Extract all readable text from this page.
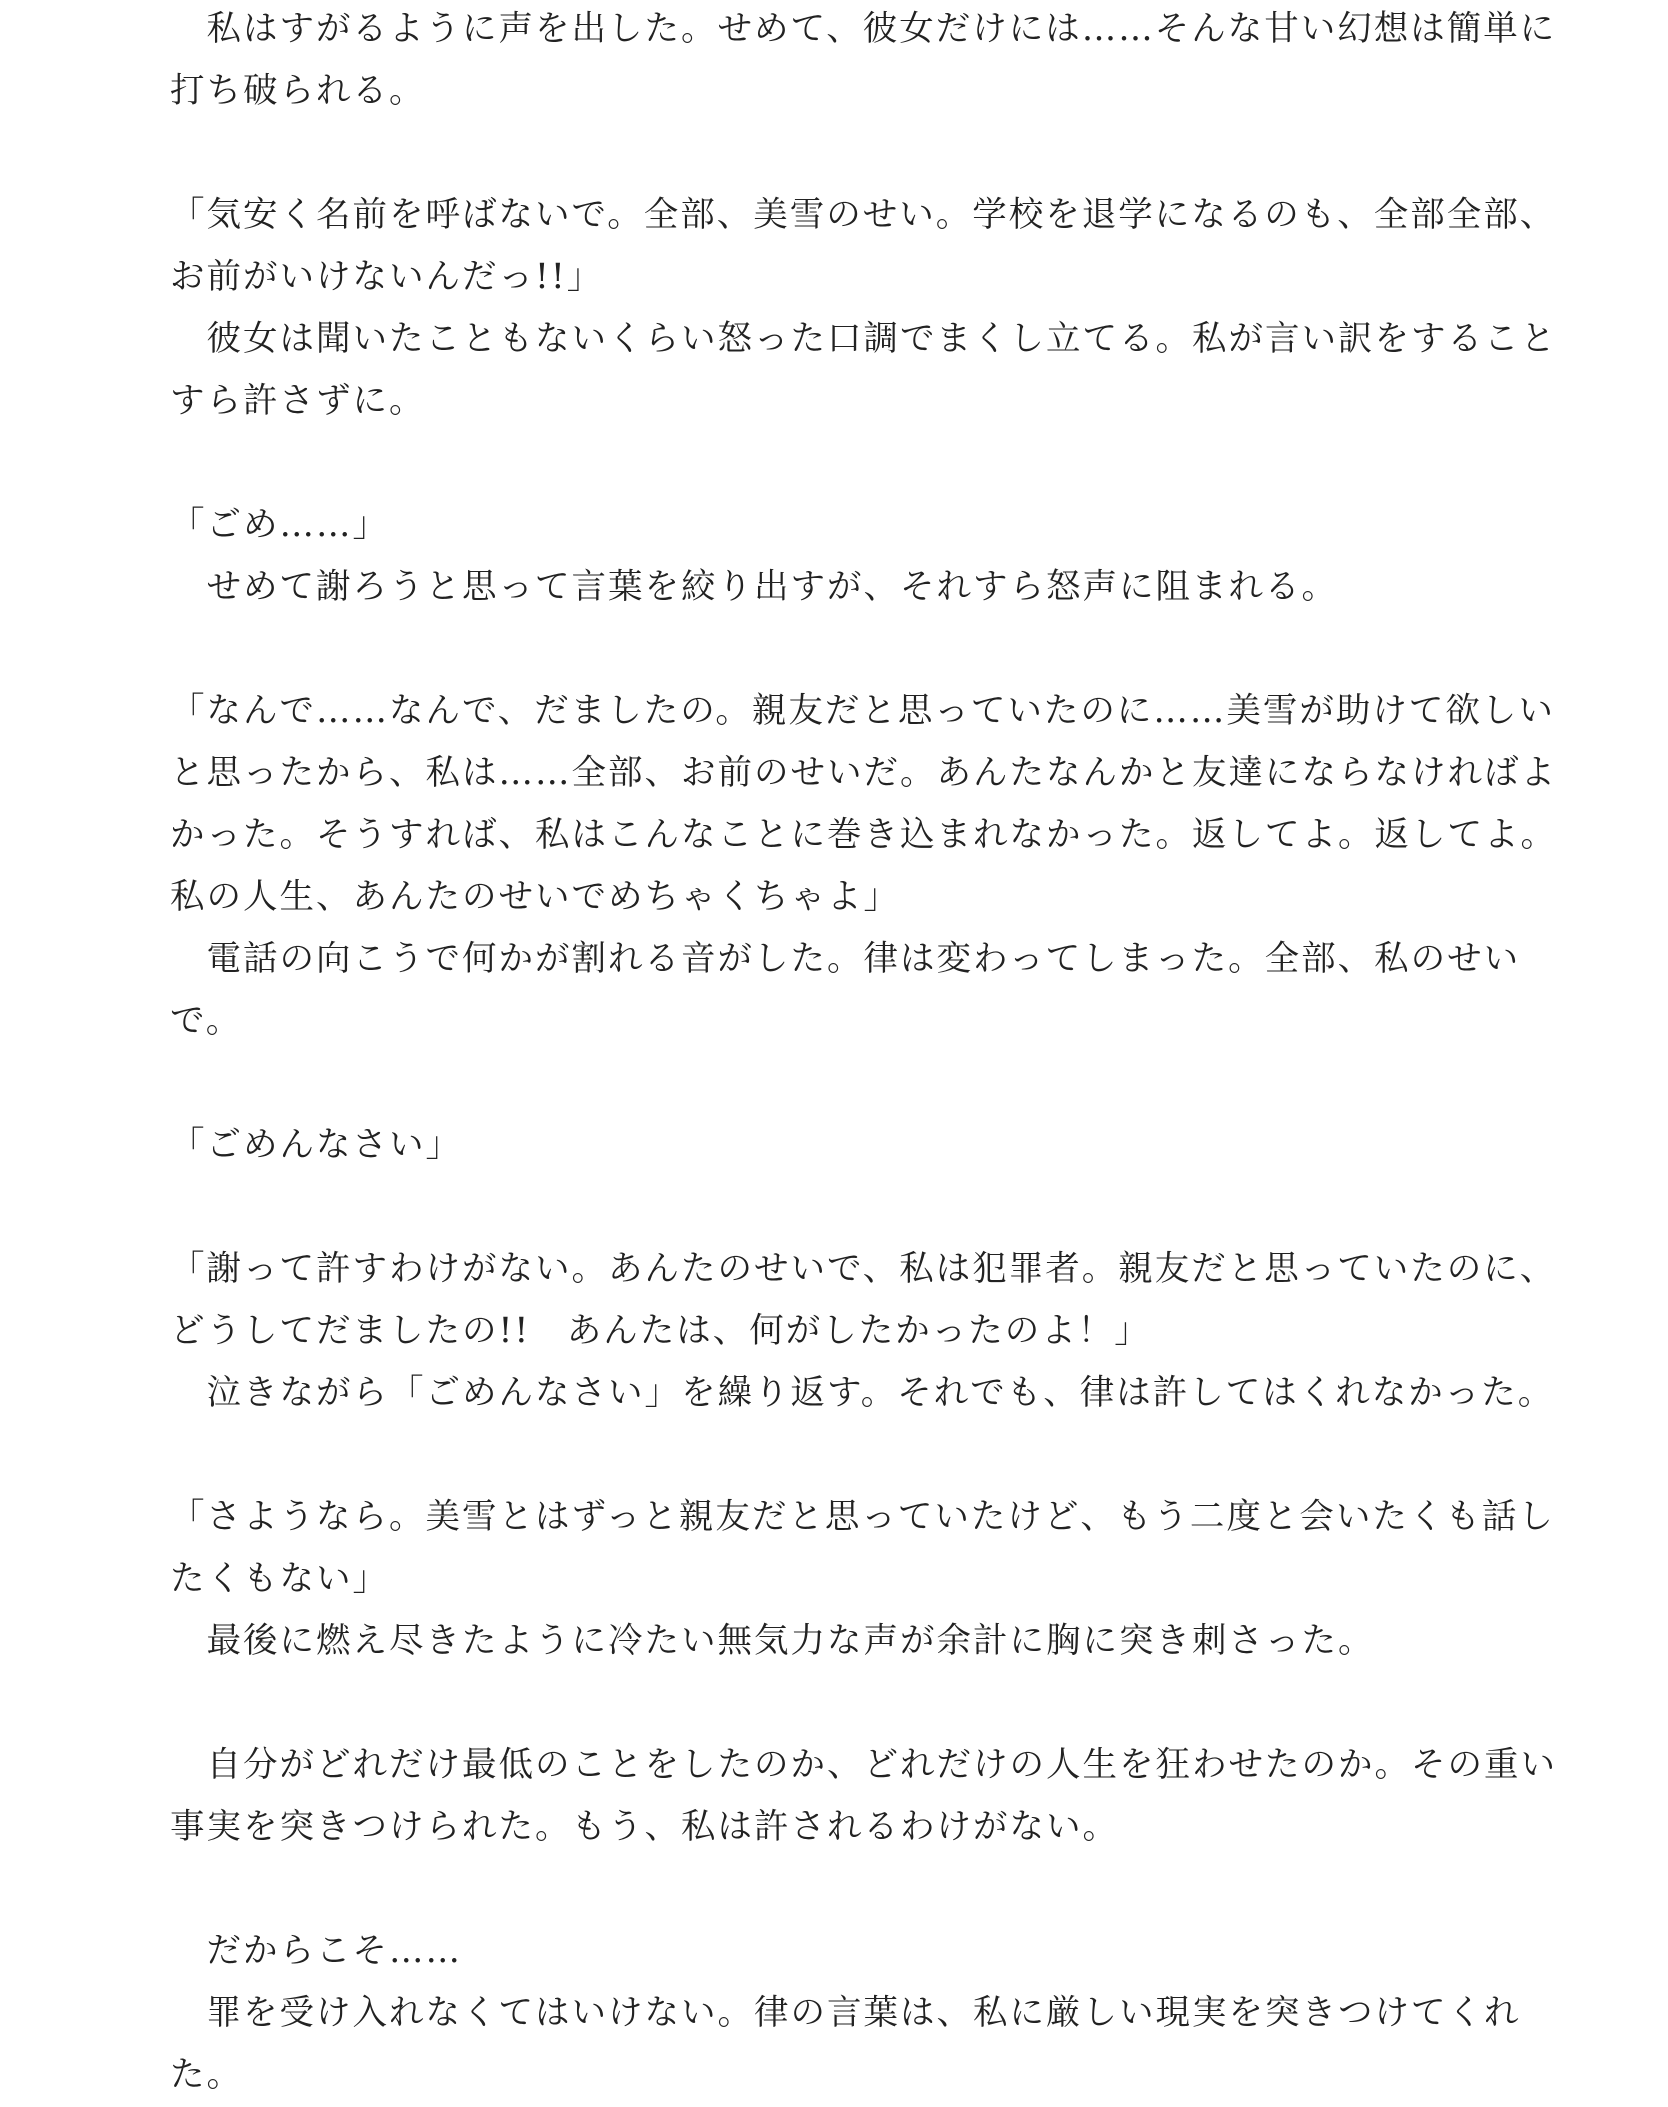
　私はすがるように声を出した。せめて、彼女だけには……そんな甘い幻想は簡単に
打ち破られる。
「気安く名前を呼ばないで。全部、美雪のせい。学校を退学になるのも、全部全部、
お前がいけないんだっ!!」
　彼女は聞いたこともないくらい怒った口調でまくし立てる。私が言い訳をすること
すら許さずに。
「ごめ……」
　せめて謝ろうと思って言葉を絞り出すが、それすら怒声に阻まれる。
「なんで……なんで、だましたの。親友だと思っていたのに……美雪が助けて欲しい
と思ったから、私は……全部、お前のせいだ。あんたなんかと友達にならなければよ
かった。そうすれば、私はこんなことに巻き込まれなかった。返してよ。返してよ。
私の人生、あんたのせいでめちゃくちゃよ」
　電話の向こうで何かが割れる音がした。律は変わってしまった。全部、私のせい
で。
「ごめんなさい」
「謝って許すわけがない。あんたのせいで、私は犯罪者。親友だと思っていたのに、
どうしてだましたの!!　あんたは、何がしたかったのよ！」
　泣きながら「ごめんなさい」を繰り返す。それでも、律は許してはくれなかった。
「さようなら。美雪とはずっと親友だと思っていたけど、もう二度と会いたくも話し
たくもない」
　最後に燃え尽きたように冷たい無気力な声が余計に胸に突き刺さった。
　自分がどれだけ最低のことをしたのか、どれだけの人生を狂わせたのか。その重い
事実を突きつけられた。もう、私は許されるわけがない。
　だからこそ……
　罪を受け入れなくてはいけない。律の言葉は、私に厳しい現実を突きつけてくれ
た。
